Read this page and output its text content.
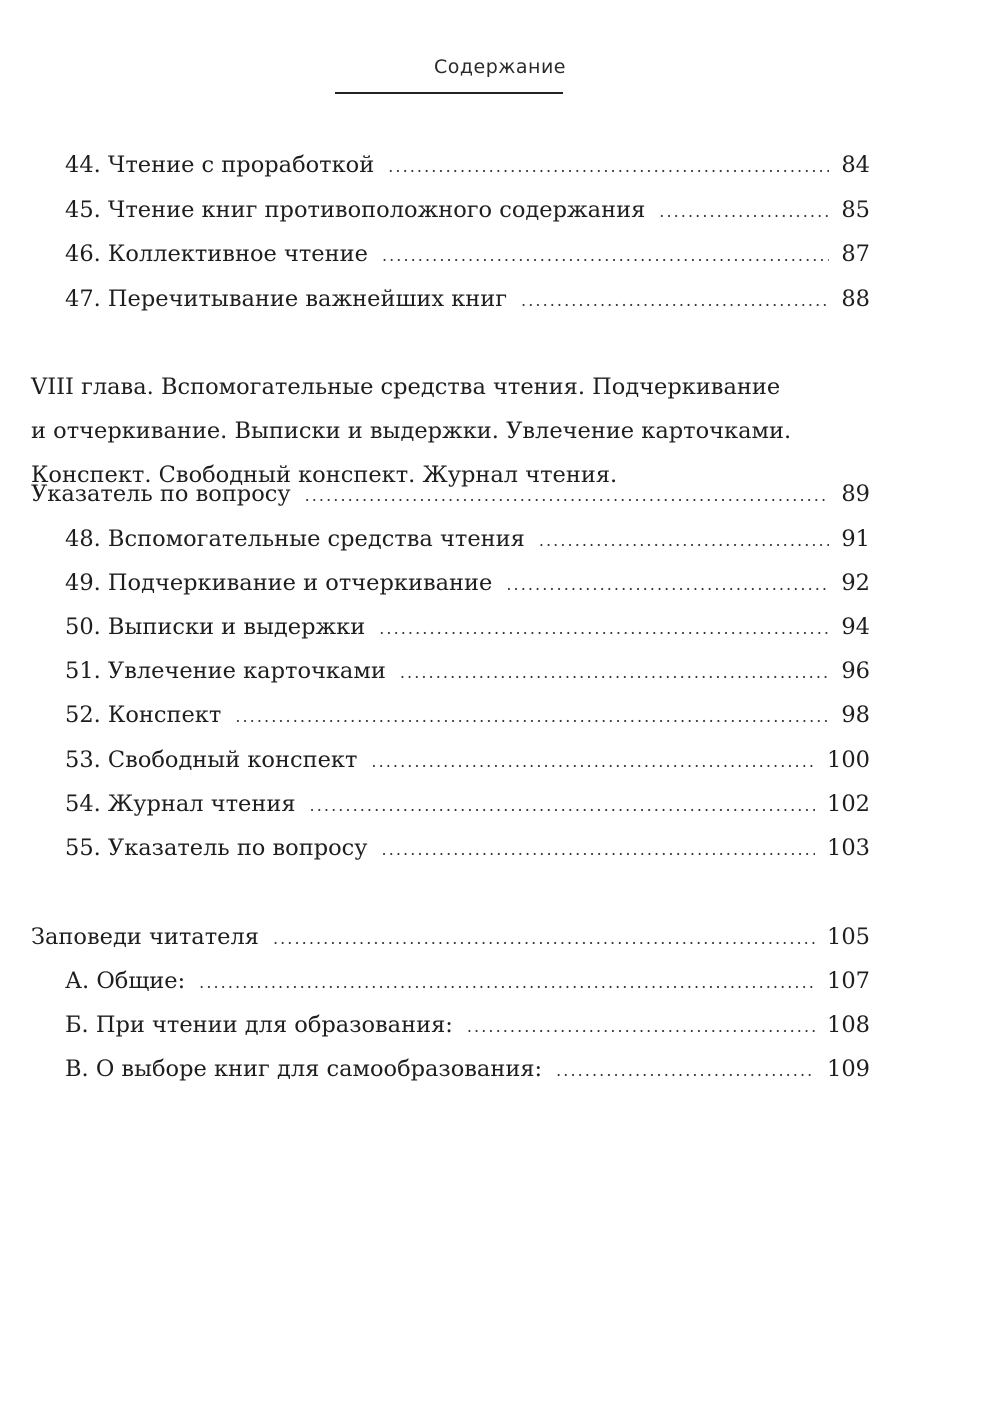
Содержание
44. Чтение с проработкой . . .	84
45. Чтение книг противоположного содержания . . .	85
46. Коллективное чтение . . .	87
47. Перечитывание важнейших книг . . .	88
VIII глава. Вспомогательные средства чтения. Подчеркивание
и отчеркивание. Выписки и выдержки. Увлечение карточками.
Конспект. Свободный конспект. Журнал чтения.
Указатель по вопросу . . .	89
48. Вспомогательные средства чтения . . .	91
49. Подчеркивание и отчеркивание . . .	92
50. Выписки и выдержки . . .	94
51. Увлечение карточками . . .	96
52. Конспект . . .	98
53. Свободный конспект . . .	100
54. Журнал чтения . . .	102
55. Указатель по вопросу . . .	103
Заповеди читателя . . .	105
А. Общие: . . .	107
Б. При чтении для образования: . . .	108
В. О выборе книг для самообразования: . . .	109
